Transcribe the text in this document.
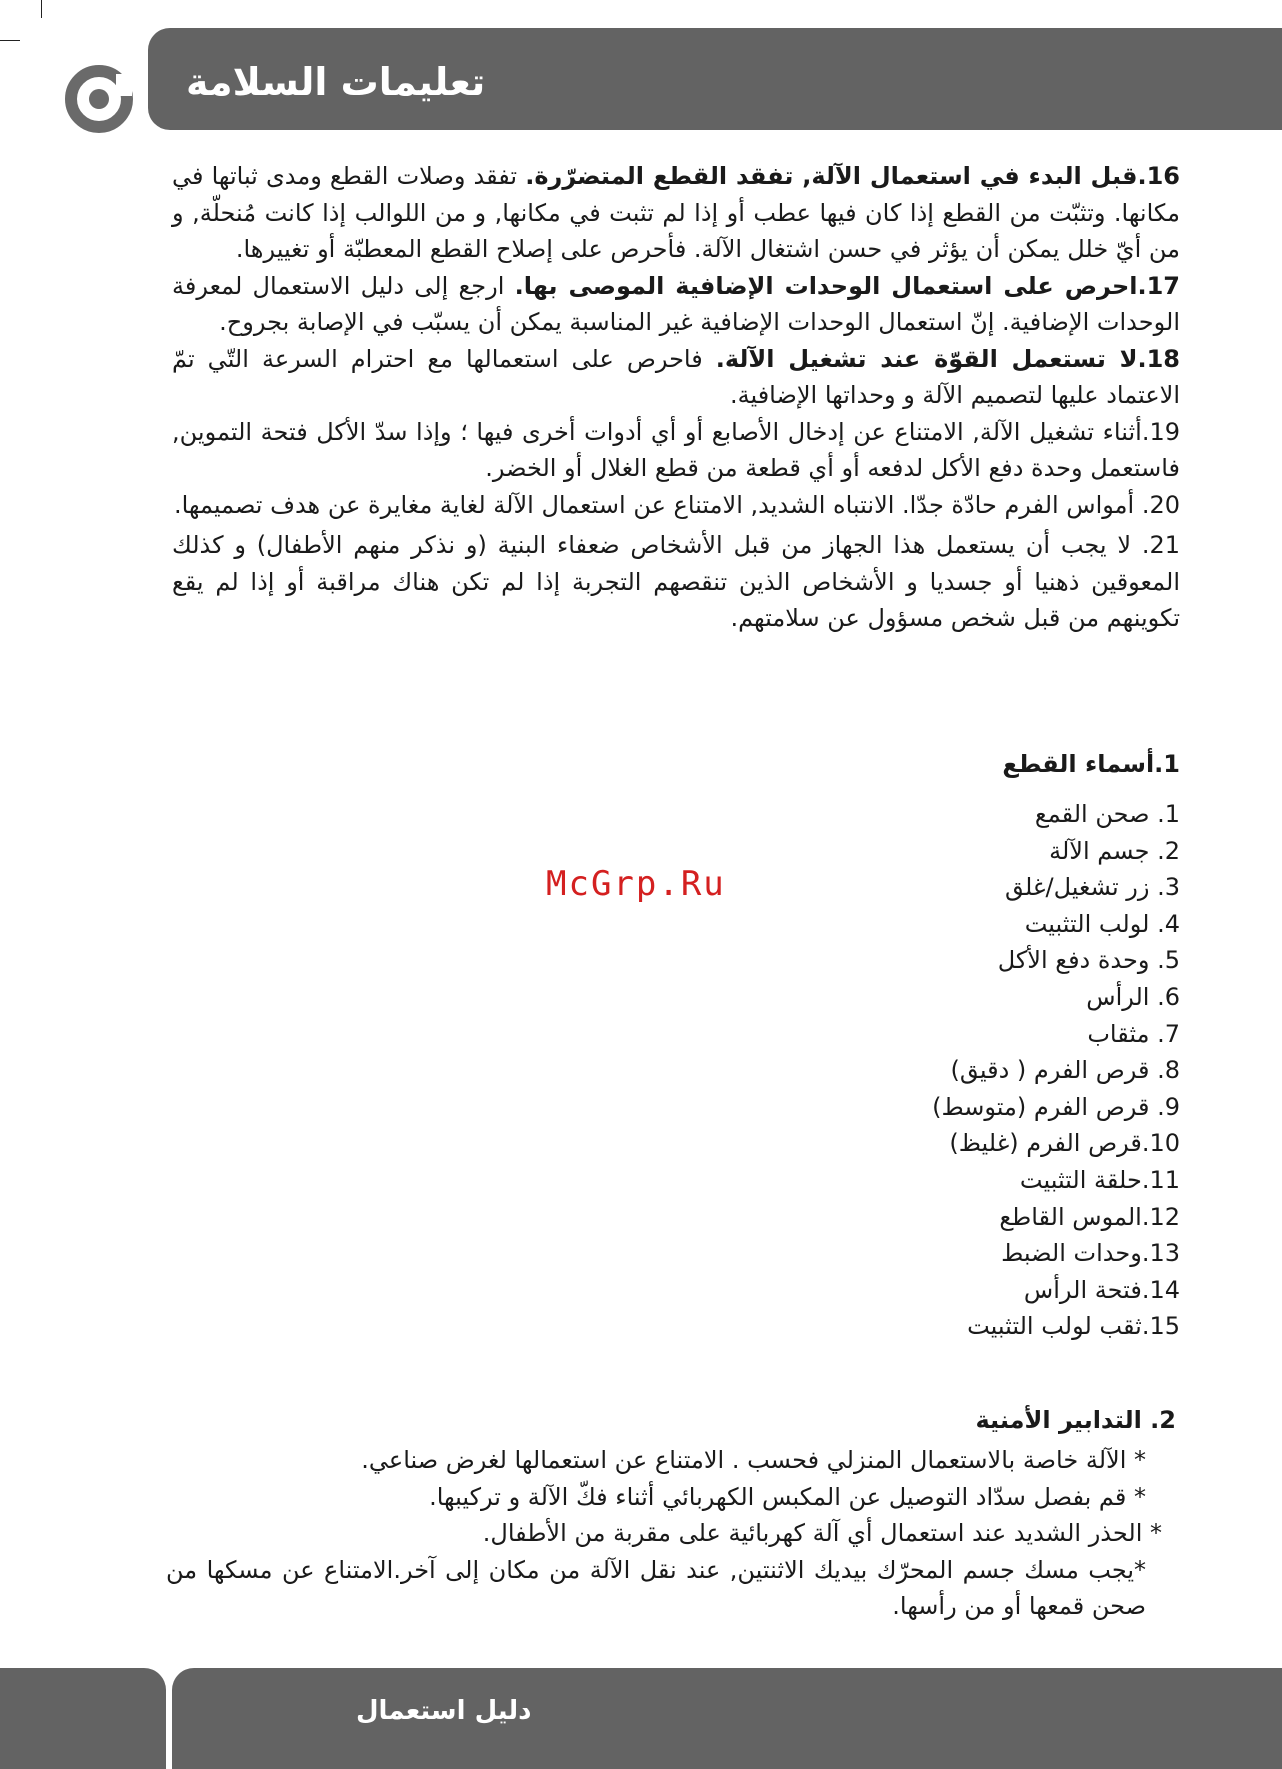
تعليمات السلامة

16.قبل البدء في استعمال الآلة, تفقد القطع المتضرّرة. تفقد وصلات القطع ومدى ثباتها في مكانها. وتثبّت من القطع إذا كان فيها عطب أو إذا لم تثبت في مكانها, و من اللوالب إذا كانت مُنحلّة, و من أيّ خلل يمكن أن يؤثر في حسن اشتغال الآلة. فأحرص على إصلاح القطع المعطبّة أو تغييرها.

17.احرص على استعمال الوحدات الإضافية الموصى بها. ارجع إلى دليل الاستعمال لمعرفة الوحدات الإضافية. إنّ استعمال الوحدات الإضافية غير المناسبة يمكن أن يسبّب في الإصابة بجروح.

18.لا تستعمل القوّة عند تشغيل الآلة. فاحرص على استعمالها مع احترام السرعة التّي تمّ الاعتماد عليها لتصميم الآلة و وحداتها الإضافية.

19.أثناء تشغيل الآلة, الامتناع عن إدخال الأصابع أو أي أدوات أخرى فيها ؛ وإذا سدّ الأكل فتحة التموين, فاستعمل وحدة دفع الأكل لدفعه أو أي قطعة من قطع الغلال أو الخضر.

20. أمواس الفرم حادّة جدّا. الانتباه الشديد, الامتناع عن استعمال الآلة لغاية مغايرة عن هدف تصميمها.

21. لا يجب أن يستعمل هذا الجهاز من قبل الأشخاص ضعفاء البنية (و نذكر منهم الأطفال) و كذلك المعوقين ذهنيا أو جسديا و الأشخاص الذين تنقصهم التجربة إذا لم تكن هناك مراقبة أو إذا لم يقع تكوينهم من قبل شخص مسؤول عن سلامتهم.

1.أسماء القطع
1. صحن القمع
2. جسم الآلة
3. زر تشغيل/غلق
4. لولب التثبيت
5. وحدة دفع الأكل
6. الرأس
7. مثقاب
8. قرص الفرم ( دقيق)
9. قرص الفرم (متوسط)
10.قرص الفرم (غليظ)
11.حلقة التثبيت
12.الموس القاطع
13.وحدات الضبط
14.فتحة الرأس
15.ثقب لولب التثبيت
McGrp.Ru
2. التدابير الأمنية

* الآلة خاصة بالاستعمال المنزلي فحسب . الامتناع عن استعمالها لغرض صناعي.

* قم بفصل سدّاد التوصيل عن المكبس الكهربائي أثناء فكّ الآلة و تركيبها.

* الحذر الشديد عند استعمال أي آلة كهربائية على مقربة من الأطفال.

*يجب مسك جسم المحرّك بيديك الاثنتين, عند نقل الآلة من مكان إلى آخر.الامتناع عن مسكها من صحن قمعها أو من رأسها.

دليل استعمال
